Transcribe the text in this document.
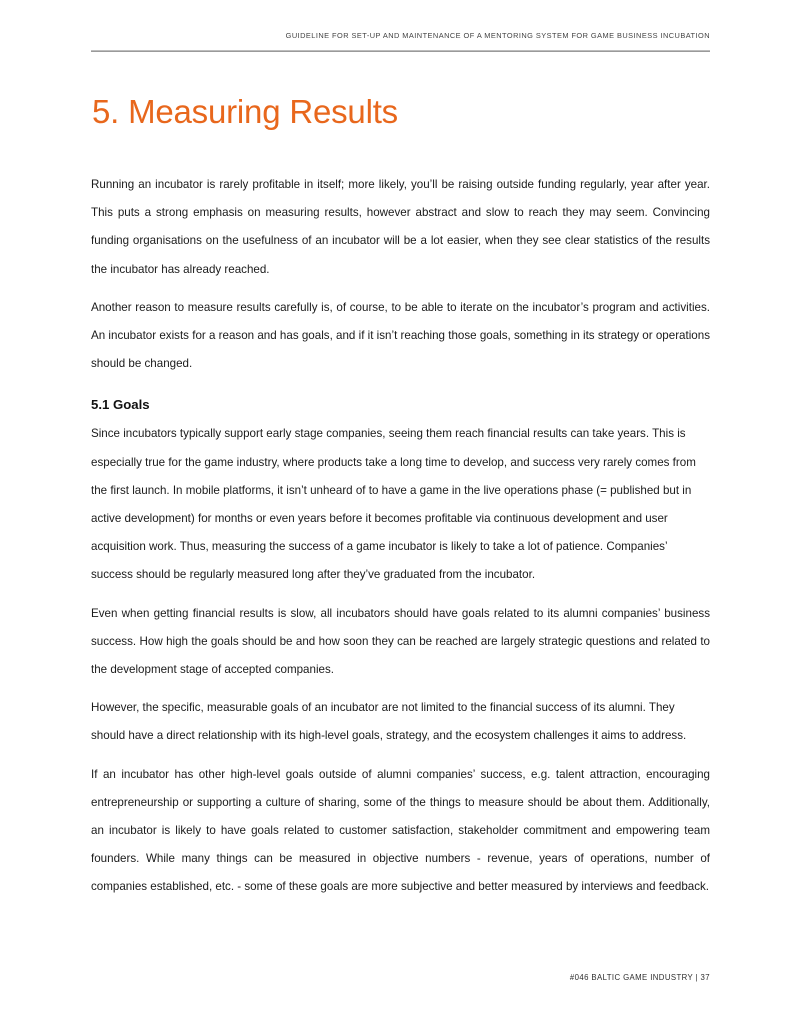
GUIDELINE FOR SET-UP AND MAINTENANCE OF A MENTORING SYSTEM FOR GAME BUSINESS INCUBATION
5. Measuring Results

Running an incubator is rarely profitable in itself; more likely, you’ll be raising outside funding regularly, year after year. This puts a strong emphasis on measuring results, however abstract and slow to reach they may seem. Convincing funding organisations on the usefulness of an incubator will be a lot easier, when they see clear statistics of the results the incubator has already reached.

Another reason to measure results carefully is, of course, to be able to iterate on the incubator’s program and activities. An incubator exists for a reason and has goals, and if it isn’t reaching those goals, something in its strategy or operations should be changed.

5.1 Goals

Since incubators typically support early stage companies, seeing them reach financial results can take years. This is especially true for the game industry, where products take a long time to develop, and success very rarely comes from the first launch. In mobile platforms, it isn’t unheard of to have a game in the live operations phase (= published but in active development) for months or even years before it becomes profitable via continuous development and user acquisition work. Thus, measuring the success of a game incubator is likely to take a lot of patience. Companies’ success should be regularly measured long after they’ve graduated from the incubator.

Even when getting financial results is slow, all incubators should have goals related to its alumni companies’ business success. How high the goals should be and how soon they can be reached are largely strategic questions and related to the development stage of accepted companies.

However, the specific, measurable goals of an incubator are not limited to the financial success of its alumni. They should have a direct relationship with its high-level goals, strategy, and the ecosystem challenges it aims to address.

If an incubator has other high-level goals outside of alumni companies’ success, e.g. talent attraction, encouraging entrepreneurship or supporting a culture of sharing, some of the things to measure should be about them. Additionally, an incubator is likely to have goals related to customer satisfaction, stakeholder commitment and empowering team founders. While many things can be measured in objective numbers - revenue, years of operations, number of companies established, etc. - some of these goals are more subjective and better measured by interviews and feedback.

#046 BALTIC GAME INDUSTRY | 37
